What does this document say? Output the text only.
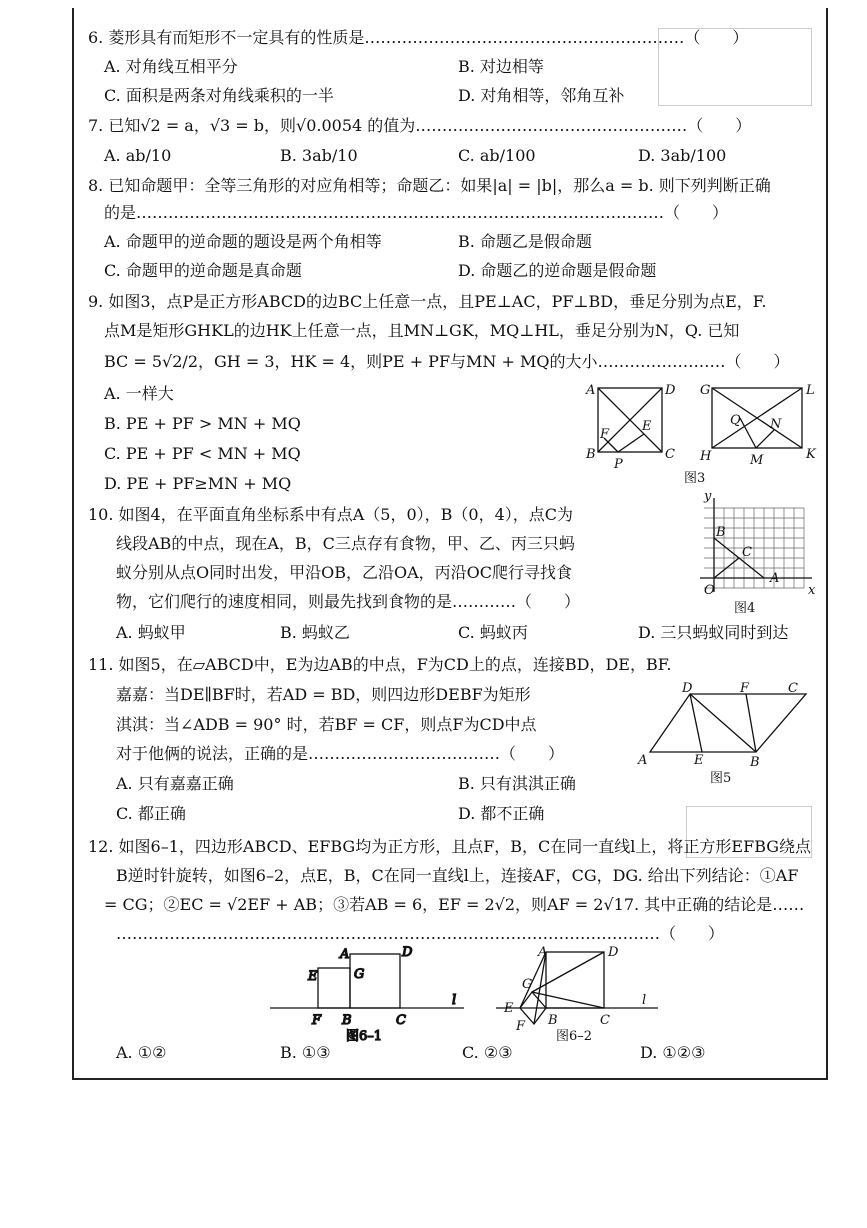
6. 菱形具有而矩形不一定具有的性质是……………………………………………………（　　）
A. 对角线互相平分	B. 对边相等
C. 面积是两条对角线乘积的一半	D. 对角相等，邻角互补
7. 已知√2 = a，√3 = b，则√0.0054 的值为……………………………………………（　　）
A. ab/10	B. 3ab/10	C. ab/100	D. 3ab/100
8. 已知命题甲：全等三角形的对应角相等；命题乙：如果|a| = |b|，那么a = b. 则下列判断正确
的是………………………………………………………………………………………（　　）
A. 命题甲的逆命题的题设是两个角相等	B. 命题乙是假命题
C. 命题甲的逆命题是真命题	D. 命题乙的逆命题是假命题
9. 如图3，点P是正方形ABCD的边BC上任意一点，且PE⊥AC，PF⊥BD，垂足分别为点E，F.
点M是矩形GHKL的边HK上任意一点，且MN⊥GK，MQ⊥HL，垂足分别为N，Q. 已知
BC = 5√2/2，GH = 3，HK = 4，则PE + PF与MN + MQ的大小……………………（　　）
A. 一样大
B. PE + PF > MN + MQ
C. PE + PF < MN + MQ
D. PE + PF≥MN + MQ
A	D
B	C
P
E
F
G	L
H	K
M
Q N
图3
10. 如图4，在平面直角坐标系中有点A（5，0），B（0，4），点C为
线段AB的中点，现在A，B，C三点存有食物，甲、乙、丙三只蚂
蚁分别从点O同时出发，甲沿OB，乙沿OA，丙沿OC爬行寻找食
物，它们爬行的速度相同，则最先找到食物的是…………（　　）
A. 蚂蚁甲	B. 蚂蚁乙	C. 蚂蚁丙	D. 三只蚂蚁同时到达
y
x
O
A
B
C
图4
11. 如图5，在▱ABCD中，E为边AB的中点，F为CD上的点，连接BD，DE，BF.
嘉嘉：当DE∥BF时，若AD = BD，则四边形DEBF为矩形
淇淇：当∠ADB = 90° 时，若BF = CF，则点F为CD中点
对于他俩的说法，正确的是………………………………（　　）
A. 只有嘉嘉正确	B. 只有淇淇正确
C. 都正确	D. 都不正确
D	F	C
A	E	B
图5
12. 如图6–1，四边形ABCD、EFBG均为正方形，且点F，B，C在同一直线l上，将正方形EFBG绕点
B逆时针旋转，如图6–2，点E，B，C在同一直线l上，连接AF，CG，DG. 给出下列结论：①AF
= CG；②EC = √2EF + AB；③若AB = 6，EF = 2√2，则AF = 2√17. 其中正确的结论是……
…………………………………………………………………………………………（　　）
A	D
E	G
F B	C
l
图6–1
A	D
G
E
F B	C
l
图6–2
A. ①②	B. ①③	C. ②③	D. ①②③
